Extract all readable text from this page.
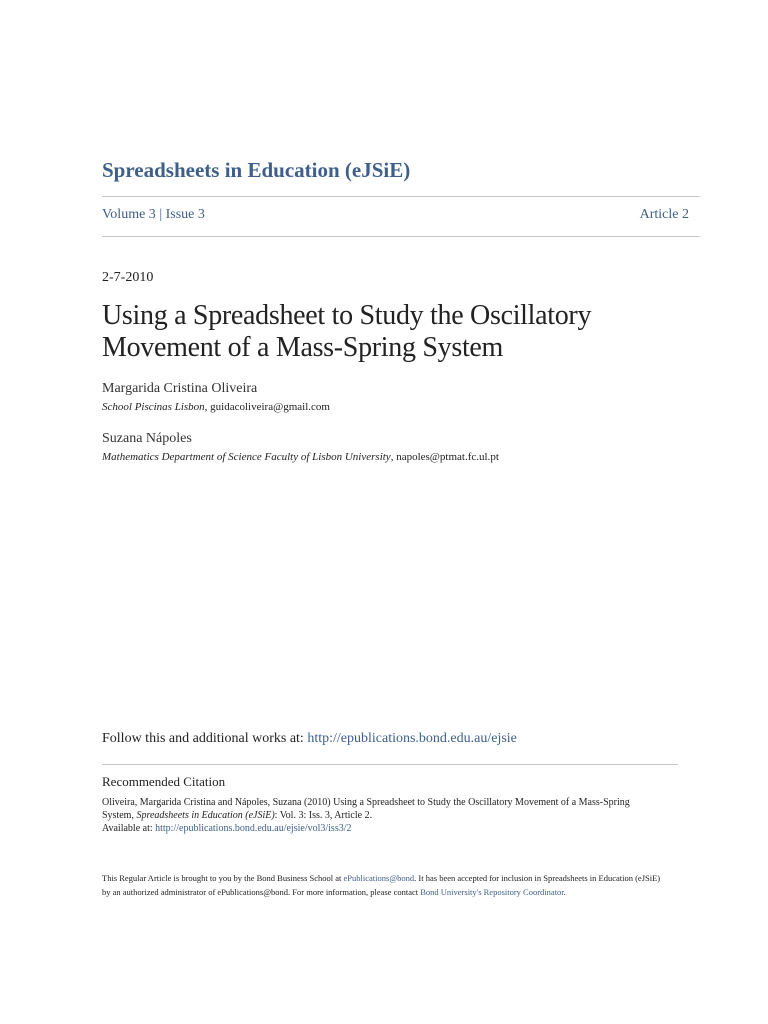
Spreadsheets in Education (eJSiE)
Volume 3 | Issue 3	Article 2
2-7-2010
Using a Spreadsheet to Study the Oscillatory
Movement of a Mass-Spring System
Margarida Cristina Oliveira
School Piscinas Lisbon, guidacoliveira@gmail.com
Suzana Nápoles
Mathematics Department of Science Faculty of Lisbon University, napoles@ptmat.fc.ul.pt
Follow this and additional works at: http://epublications.bond.edu.au/ejsie
Recommended Citation
Oliveira, Margarida Cristina and Nápoles, Suzana (2010) Using a Spreadsheet to Study the Oscillatory Movement of a Mass-Spring
System, Spreadsheets in Education (eJSiE): Vol. 3: Iss. 3, Article 2.
Available at: http://epublications.bond.edu.au/ejsie/vol3/iss3/2
This Regular Article is brought to you by the Bond Business School at ePublications@bond. It has been accepted for inclusion in Spreadsheets in Education (eJSiE) by an authorized administrator of ePublications@bond. For more information, please contact Bond University's Repository Coordinator.
